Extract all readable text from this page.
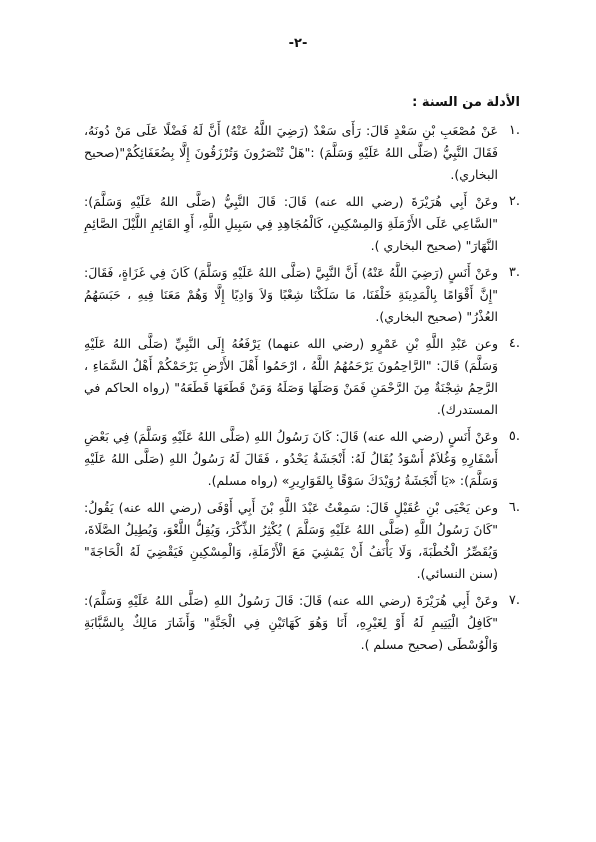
-٢-
الأدلة من السنة :
١.
عَنْ مُصْعَبِ بْنِ سَعْدٍ قَالَ: رَأَى سَعْدٌ (رَضِيَ اللَّهُ عَنْهُ) أَنَّ لَهُ فَضْلًا عَلَى مَنْ دُونَهُ، فَقَالَ النَّبِيُّ (صَلَّى اللهُ عَلَيْهِ وَسَلَّمَ) :"هَلْ تُنْصَرُونَ وَتُرْزَقُونَ إِلَّا بِضُعَفَائِكُمْ"(صحيح البخاري).
٢.
وعَنْ أَبِي هُرَيْرَةَ (رضي الله عنه) قَالَ: قَالَ النَّبِيُّ (صَلَّى اللهُ عَلَيْهِ وَسَلَّمَ): "السَّاعِي عَلَى الأَرْمَلَةِ وَالمِسْكِينِ، كَالْمُجَاهِدِ فِي سَبِيلِ اللَّهِ، أَوِ القَائِمِ اللَّيْلَ الصَّائِمِ النَّهَارَ" (صحيح البخاري ).
٣.
وعَنْ أَنَسٍ (رَضِيَ اللَّهُ عَنْهُ) أَنَّ النَّبِيَّ (صَلَّى اللهُ عَلَيْهِ وَسَلَّمَ) كَانَ فِي غَزَاةٍ، فَقَالَ: "إِنَّ أَقْوَامًا بِالْمَدِينَةِ خَلْفَنَا، مَا سَلَكْنَا شِعْبًا وَلاَ وَادِيًا إِلَّا وَهُمْ مَعَنَا فِيهِ ، حَبَسَهُمُ العُذْرُ" (صحيح البخاري).
٤.
وعن عَبْدِ اللَّهِ بْنِ عَمْرٍو (رضي الله عنهما) يَرْفَعُهُ إِلَى النَّبِيِّ (صَلَّى اللهُ عَلَيْهِ وَسَلَّمَ) قَالَ: "الرَّاحِمُونَ يَرْحَمُهُمُ اللَّهُ ، ارْحَمُوا أَهْلَ الأَرْضِ يَرْحَمْكُمْ أَهْلُ السَّمَاءِ ، الرَّحِمُ شِجْنَةٌ مِنَ الرَّحْمَنِ فَمَنْ وَصَلَهَا وَصَلَهُ وَمَنْ قَطَعَهَا قَطَعَهُ" (رواه الحاكم في المستدرك).
٥.
وعَنْ أَنَسٍ (رضي الله عنه) قَالَ: كَانَ رَسُولُ اللهِ (صَلَّى اللهُ عَلَيْهِ وَسَلَّمَ) فِي بَعْضِ أَسْفَارِهِ وَغُلاَمٌ أَسْوَدُ يُقَالُ لَهُ: أَنْجَشَةُ يَحْدُو ، فَقَالَ لَهُ رَسُولُ اللهِ (صَلَّى اللهُ عَلَيْهِ وَسَلَّمَ): «يَا أَنْجَشَةُ رُوَيْدَكَ سَوْقًا بِالقَوَارِيرِ» (رواه مسلم).
٦.
وعن يَحْيَى بْنِ عُقَيْلٍ قَالَ: سَمِعْتُ عَبْدَ اللَّهِ بْنَ أَبِي أَوْفَى (رضي الله عنه) يَقُولُ: "كَانَ رَسُولُ اللَّهِ (صَلَّى اللهُ عَلَيْهِ وَسَلَّمَ ) يُكْثِرُ الذِّكْرَ، وَيُقِلُّ اللَّغْوَ، وَيُطِيلُ الصَّلَاةَ، وَيُقَصِّرُ الْخُطْبَةَ، وَلَا يَأْنَفُ أَنْ يَمْشِيَ مَعَ الْأَرْمَلَةِ، وَالْمِسْكِينِ فَيَقْضِيَ لَهُ الْحَاجَةَ" (سنن النسائي).
٧.
وعَنْ أَبِي هُرَيْرَةَ (رضي الله عنه) قَالَ: قَالَ رَسُولُ اللهِ (صَلَّى اللهُ عَلَيْهِ وَسَلَّمَ): "كَافِلُ الْيَتِيمِ لَهُ أَوْ لِغَيْرِهِ، أَنَا وَهُوَ كَهَاتَيْنِ فِي الْجَنَّةِ" وَأَشَارَ مَالِكٌ بِالسَّبَّابَةِ وَالْوُسْطَى (صحيح مسلم ).
